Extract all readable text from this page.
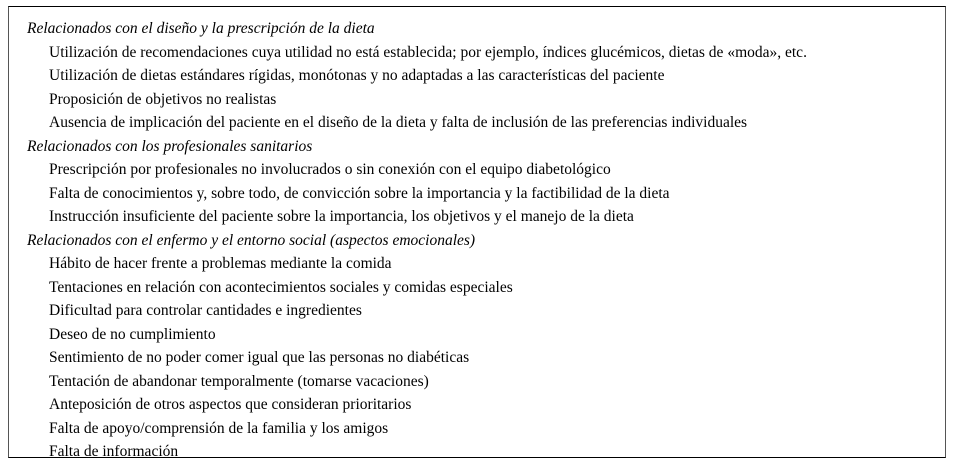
Relacionados con el diseño y la prescripción de la dieta
Utilización de recomendaciones cuya utilidad no está establecida; por ejemplo, índices glucémicos, dietas de «moda», etc.
Utilización de dietas estándares rígidas, monótonas y no adaptadas a las características del paciente
Proposición de objetivos no realistas
Ausencia de implicación del paciente en el diseño de la dieta y falta de inclusión de las preferencias individuales
Relacionados con los profesionales sanitarios
Prescripción por profesionales no involucrados o sin conexión con el equipo diabetológico
Falta de conocimientos y, sobre todo, de convicción sobre la importancia y la factibilidad de la dieta
Instrucción insuficiente del paciente sobre la importancia, los objetivos y el manejo de la dieta
Relacionados con el enfermo y el entorno social (aspectos emocionales)
Hábito de hacer frente a problemas mediante la comida
Tentaciones en relación con acontecimientos sociales y comidas especiales
Dificultad para controlar cantidades e ingredientes
Deseo de no cumplimiento
Sentimiento de no poder comer igual que las personas no diabéticas
Tentación de abandonar temporalmente (tomarse vacaciones)
Anteposición de otros aspectos que consideran prioritarios
Falta de apoyo/comprensión de la familia y los amigos
Falta de información
